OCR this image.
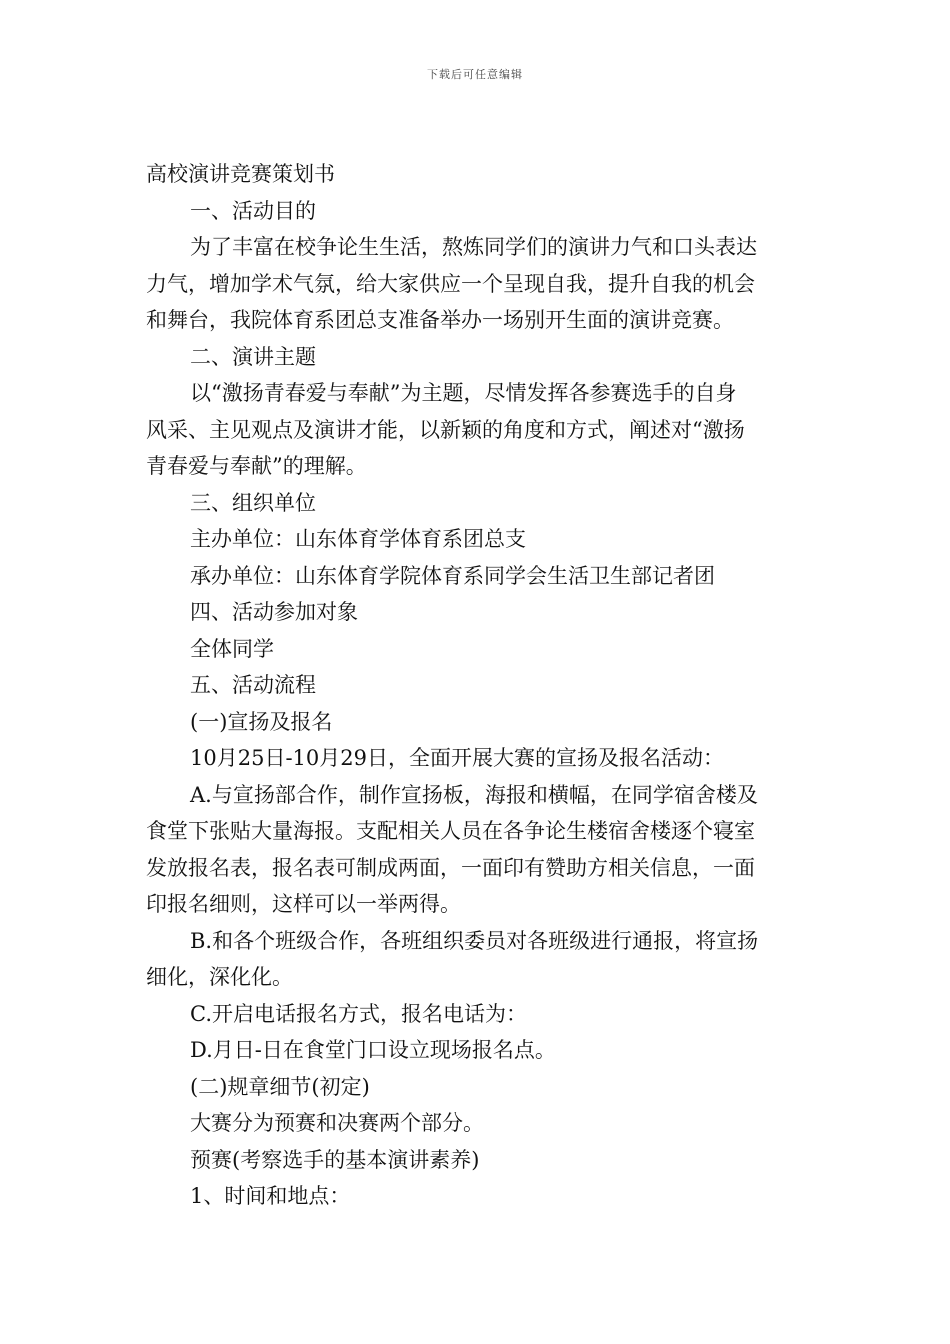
下载后可任意编辑
高校演讲竞赛策划书
一、活动目的
为了丰富在校争论生生活，熬炼同学们的演讲力气和口头表达
力气，增加学术气氛，给大家供应一个呈现自我，提升自我的机会
和舞台，我院体育系团总支准备举办一场别开生面的演讲竞赛。
二、演讲主题
以“激扬青春爱与奉献”为主题，尽情发挥各参赛选手的自身
风采、主见观点及演讲才能，以新颖的角度和方式，阐述对“激扬
青春爱与奉献”的理解。
三、组织单位
主办单位：山东体育学体育系团总支
承办单位：山东体育学院体育系同学会生活卫生部记者团
四、活动参加对象
全体同学
五、活动流程
(一)宣扬及报名
10月25日-10月29日，全面开展大赛的宣扬及报名活动：
A.与宣扬部合作，制作宣扬板，海报和横幅，在同学宿舍楼及
食堂下张贴大量海报。支配相关人员在各争论生楼宿舍楼逐个寝室
发放报名表，报名表可制成两面，一面印有赞助方相关信息，一面
印报名细则，这样可以一举两得。
B.和各个班级合作，各班组织委员对各班级进行通报，将宣扬
细化，深化化。
C.开启电话报名方式，报名电话为：
D.月日-日在食堂门口设立现场报名点。
(二)规章细节(初定)
大赛分为预赛和决赛两个部分。
预赛(考察选手的基本演讲素养)
1、时间和地点：
